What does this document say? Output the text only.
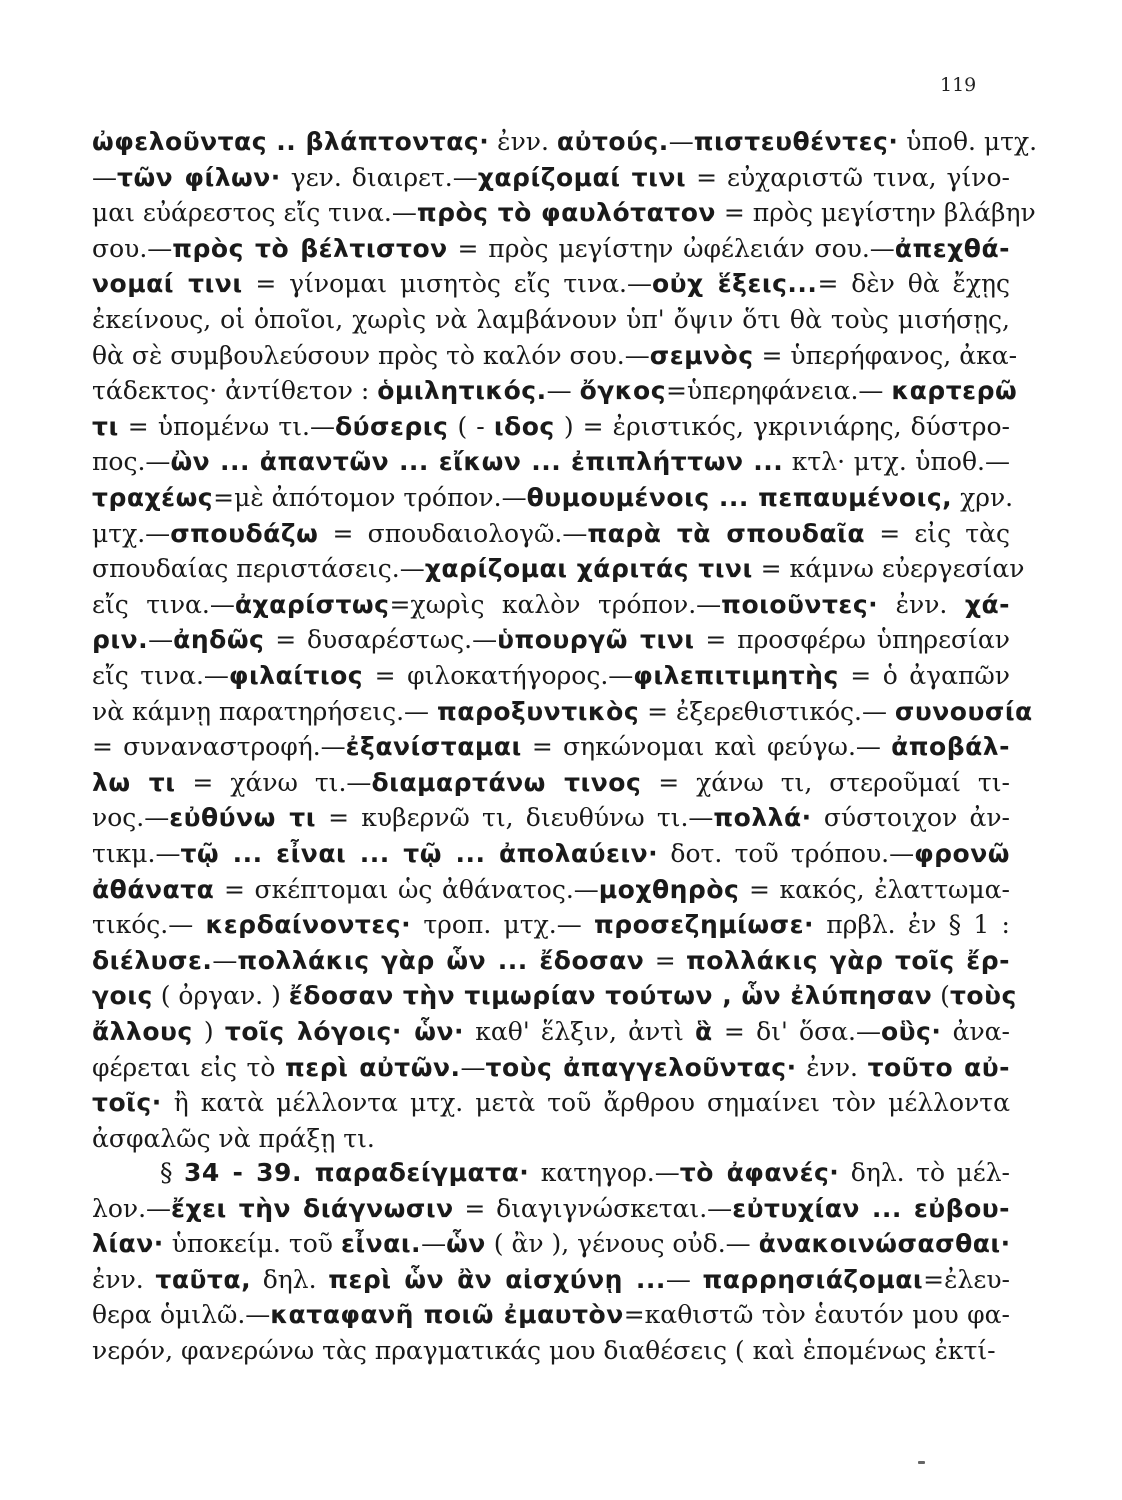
119
ὠφελοῦντας .. βλάπτοντας· ἐνν. αὐτούς.—πιστευθέντες· ὑποθ. μτχ.
—τῶν φίλων· γεν. διαιρετ.—χαρίζομαί τινι = εὐχαριστῶ τινα, γίνο-
μαι εὐάρεστος εἴς τινα.—πρὸς τὸ φαυλότατον = πρὸς μεγίστην βλάβην
σου.—πρὸς τὸ βέλτιστον = πρὸς μεγίστην ὠφέλειάν σου.—ἀπεχθά-
νομαί τινι = γίνομαι μισητὸς εἴς τινα.—οὐχ ἕξεις...= δὲν θὰ ἔχῃς
ἐκείνους, οἱ ὁποῖοι, χωρὶς νὰ λαμβάνουν ὑπ' ὄψιν ὅτι θὰ τοὺς μισήσῃς,
θὰ σὲ συμβουλεύσουν πρὸς τὸ καλόν σου.—σεμνὸς = ὑπερήφανος, ἀκα-
τάδεκτος· ἀντίθετον : ὁμιλητικός.— ὄγκος=ὑπερηφάνεια.— καρτερῶ
τι = ὑπομένω τι.—δύσερις ( - ιδος ) = ἐριστικός, γκρινιάρης, δύστρο-
πος.—ὢν ... ἀπαντῶν ... εἴκων ... ἐπιπλήττων ... κτλ· μτχ. ὑποθ.—
τραχέως=μὲ ἀπότομον τρόπον.—θυμουμένοις ... πεπαυμένοις, χρν.
μτχ.—σπουδάζω = σπουδαιολογῶ.—παρὰ τὰ σπουδαῖα = εἰς τὰς
σπουδαίας περιστάσεις.—χαρίζομαι χάριτάς τινι = κάμνω εὐεργεσίαν
εἴς τινα.—ἀχαρίστως=χωρὶς καλὸν τρόπον.—ποιοῦντες· ἐνν. χά-
ριν.—ἀηδῶς = δυσαρέστως.—ὑπουργῶ τινι = προσφέρω ὑπηρεσίαν
εἴς τινα.—φιλαίτιος = φιλοκατήγορος.—φιλεπιτιμητὴς = ὁ ἀγαπῶν
νὰ κάμνῃ παρατηρήσεις.— παροξυντικὸς = ἐξερεθιστικός.— συνουσία
= συναναστροφή.—ἐξανίσταμαι = σηκώνομαι καὶ φεύγω.— ἀποβάλ-
λω τι = χάνω τι.—διαμαρτάνω τινος = χάνω τι, στεροῦμαί τι-
νος.—εὐθύνω τι = κυβερνῶ τι, διευθύνω τι.—πολλά· σύστοιχον ἀν-
τικμ.—τῷ ... εἶναι ... τῷ ... ἀπολαύειν· δοτ. τοῦ τρόπου.—φρονῶ
ἀθάνατα = σκέπτομαι ὡς ἀθάνατος.—μοχθηρὸς = κακός, ἐλαττωμα-
τικός.— κερδαίνοντες· τροπ. μτχ.— προσεζημίωσε· πρβλ. ἐν § 1 :
διέλυσε.—πολλάκις γὰρ ὧν ... ἔδοσαν = πολλάκις γὰρ τοῖς ἔρ-
γοις ( ὀργαν. ) ἔδοσαν τὴν τιμωρίαν τούτων , ὧν ἐλύπησαν (τοὺς
ἄλλους ) τοῖς λόγοις· ὧν· καθ' ἕλξιν, ἀντὶ ἃ = δι' ὅσα.—οὓς· ἀνα-
φέρεται εἰς τὸ περὶ αὐτῶν.—τοὺς ἀπαγγελοῦντας· ἐνν. τοῦτο αὐ-
τοῖς· ἢ κατὰ μέλλοντα μτχ. μετὰ τοῦ ἄρθρου σημαίνει τὸν μέλλοντα
ἀσφαλῶς νὰ πράξῃ τι.
§ 34 - 39. παραδείγματα· κατηγορ.—τὸ ἀφανές· δηλ. τὸ μέλ-
λον.—ἔχει τὴν διάγνωσιν = διαγιγνώσκεται.—εὐτυχίαν ... εὐβου-
λίαν· ὑποκείμ. τοῦ εἶναι.—ὧν ( ἂν ), γένους οὐδ.— ἀνακοινώσασθαι·
ἐνν. ταῦτα, δηλ. περὶ ὧν ἂν αἰσχύνῃ ...— παρρησιάζομαι=ἐλευ-
θερα ὁμιλῶ.—καταφανῆ ποιῶ ἐμαυτὸν=καθιστῶ τὸν ἑαυτόν μου φα-
νερόν, φανερώνω τὰς πραγματικάς μου διαθέσεις ( καὶ ἑπομένως ἐκτί-
